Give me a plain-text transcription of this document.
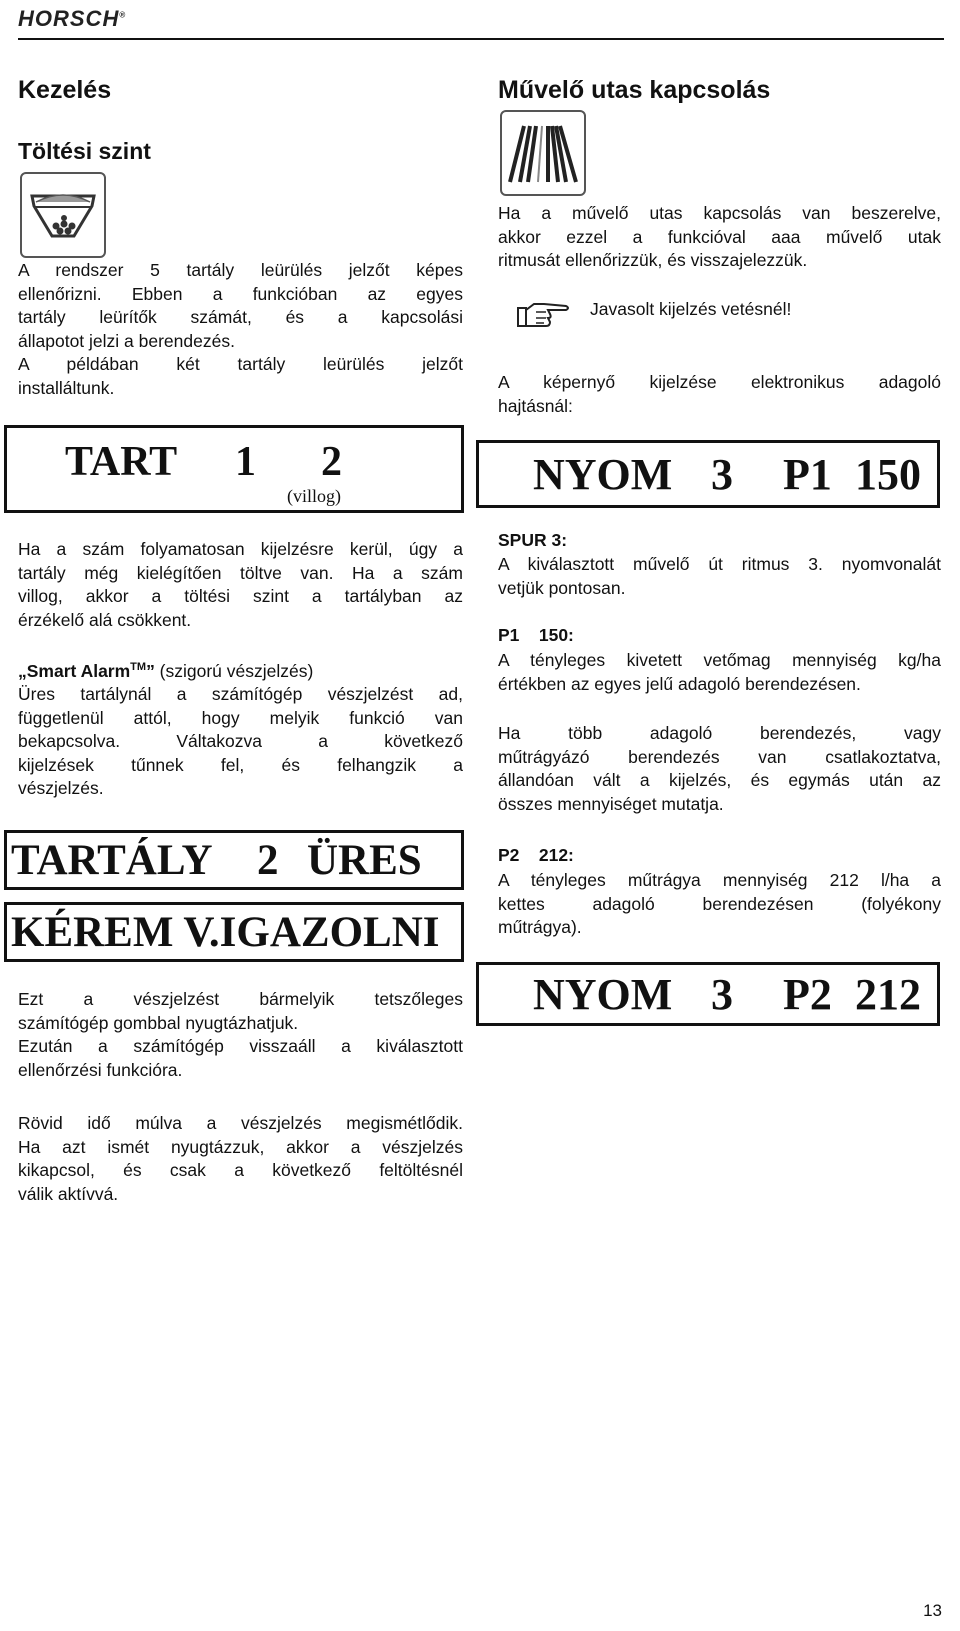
HORSCH®
Kezelés
Töltési szint
A rendszer 5 tartály leürülés jelzőt képes
ellenőrizni. Ebben a funkcióban az egyes
tartály leürítők számát, és a kapcsolási
állapotot jelzi a berendezés.
A példában két tartály leürülés jelzőt
installáltunk.
TART 1 2
(villog)
Ha a szám folyamatosan kijelzésre kerül, úgy a
tartály még kielégítően töltve van. Ha a szám
villog, akkor a töltési szint a tartályban az
érzékelő alá csökkent.
„Smart Alarm™” (szigorú vészjelzés)
Üres tartálynál a számítógép vészjelzést ad,
függetlenül attól, hogy melyik funkció van
bekapcsolva. Váltakozva a következő
kijelzések tűnnek fel, és felhangzik a
vészjelzés.
TARTÁLY 2 ÜRES
KÉREM V.IGAZOLNI
Ezt a vészjelzést bármelyik tetszőleges
számítógép gombbal nyugtázhatjuk.
Ezután a számítógép visszaáll a kiválasztott
ellenőrzési funkcióra.
Rövid idő múlva a vészjelzés megismétlődik.
Ha azt ismét nyugtázzuk, akkor a vészjelzés
kikapcsol, és csak a következő feltöltésnél
válik aktívvá.
Művelő utas kapcsolás
Ha a művelő utas kapcsolás van beszerelve,
akkor ezzel a funkcióval aaa művelő utak
ritmusát ellenőrizzük, és visszajelezzük.
Javasolt kijelzés vetésnél!
A képernyő kijelzése elektronikus adagoló
hajtásnál:
NYOM 3 P1 150
SPUR 3:
A kiválasztott művelő út ritmus 3. nyomvonalát
vetjük pontosan.
P1    150:
A tényleges kivetett vetőmag mennyiség kg/ha
értékben az egyes jelű adagoló berendezésen.
Ha több adagoló berendezés, vagy
műtrágyázó berendezés van csatlakoztatva,
állandóan vált a kijelzés, és egymás után az
összes mennyiséget mutatja.
P2    212:
A tényleges műtrágya mennyiség 212 l/ha a
kettes adagoló berendezésen (folyékony
műtrágya).
NYOM 3 P2 212
13
